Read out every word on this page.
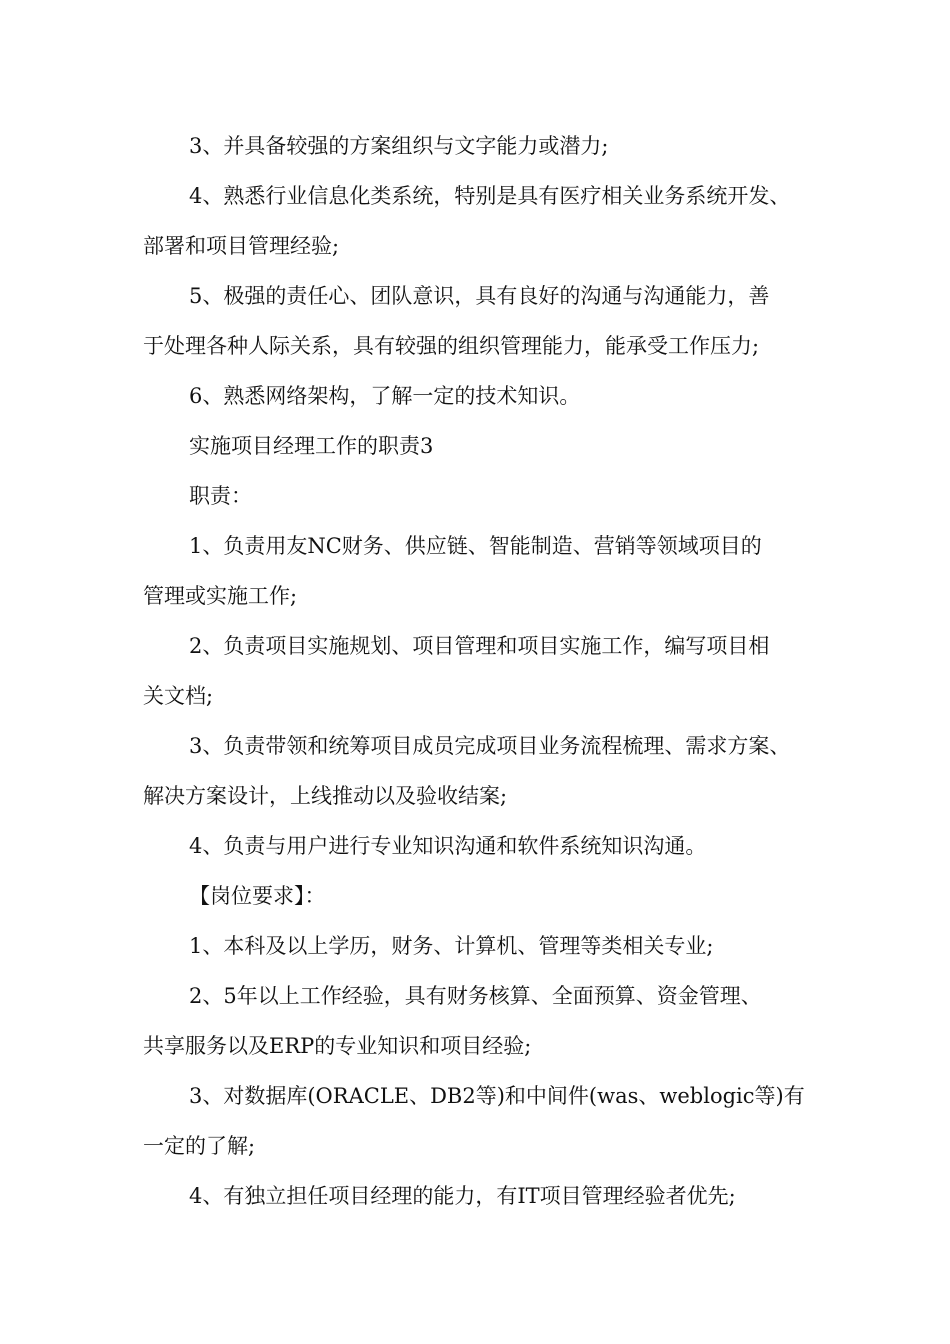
3、并具备较强的方案组织与文字能力或潜力;
4、熟悉行业信息化类系统，特别是具有医疗相关业务系统开发、
部署和项目管理经验;
5、极强的责任心、团队意识，具有良好的沟通与沟通能力，善
于处理各种人际关系，具有较强的组织管理能力，能承受工作压力;
6、熟悉网络架构，了解一定的技术知识。
实施项目经理工作的职责3
职责：
1、负责用友NC财务、供应链、智能制造、营销等领域项目的
管理或实施工作;
2、负责项目实施规划、项目管理和项目实施工作，编写项目相
关文档;
3、负责带领和统筹项目成员完成项目业务流程梳理、需求方案、
解决方案设计，上线推动以及验收结案;
4、负责与用户进行专业知识沟通和软件系统知识沟通。
【岗位要求】：
1、本科及以上学历，财务、计算机、管理等类相关专业;
2、5年以上工作经验，具有财务核算、全面预算、资金管理、
共享服务以及ERP的专业知识和项目经验;
3、对数据库(ORACLE、DB2等)和中间件(was、weblogic等)有
一定的了解;
4、有独立担任项目经理的能力，有IT项目管理经验者优先;
